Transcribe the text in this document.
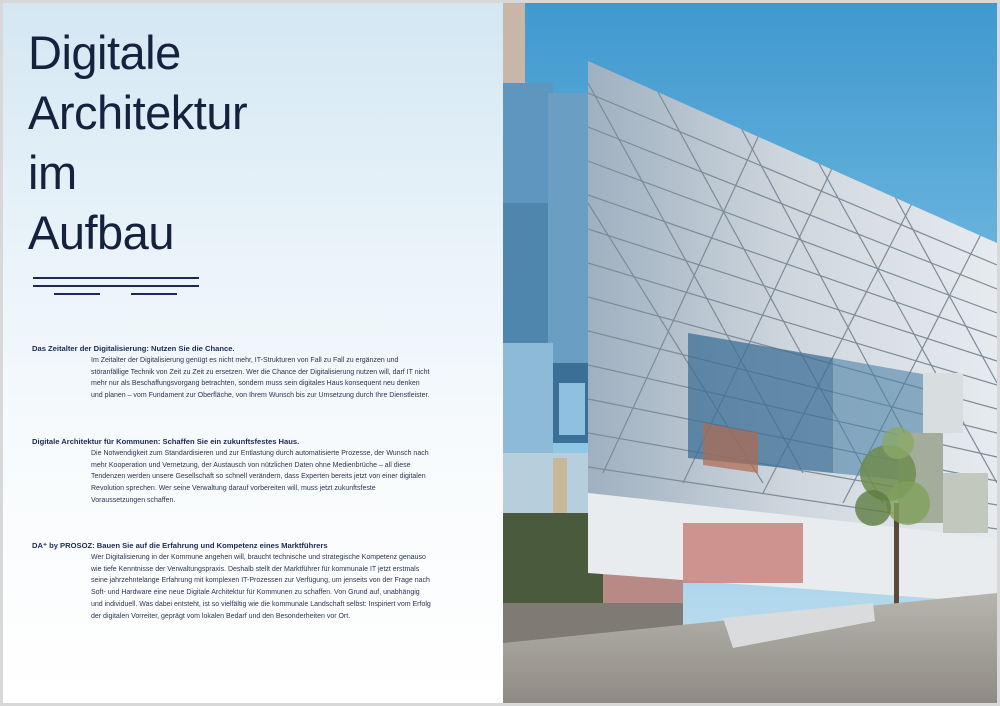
Digitale
Architektur
im
Aufbau
Das Zeitalter der Digitalisierung: Nutzen Sie die Chance.

Im Zeitalter der Digitalisierung genügt es nicht mehr, IT-Strukturen von Fall zu Fall zu ergänzen und störanfällige Technik von Zeit zu Zeit zu ersetzen. Wer die Chance der Digitalisierung nutzen will, darf IT nicht mehr nur als Beschaffungsvorgang betrachten, sondern muss sein digitales Haus konsequent neu denken und planen – vom Fundament zur Oberfläche, von Ihrem Wunsch bis zur Umsetzung durch Ihre Dienstleister.

Digitale Architektur für Kommunen: Schaffen Sie ein zukunftsfestes Haus.

Die Notwendigkeit zum Standardisieren und zur Entlastung durch automatisierte Prozesse, der Wunsch nach mehr Kooperation und Vernetzung, der Austausch von nützlichen Daten ohne Medienbrüche – all diese Tendenzen werden unsere Gesellschaft so schnell verändern, dass Experten bereits jetzt von einer digitalen Revolution sprechen. Wer seine Verwaltung darauf vorbereiten will, muss jetzt zukunftsfeste Voraussetzungen schaffen.

DA⁺ by PROSOZ: Bauen Sie auf die Erfahrung und Kompetenz eines Marktführers

Wer Digitalisierung in der Kommune angehen will, braucht technische und strategische Kompetenz genauso wie tiefe Kenntnisse der Verwaltungspraxis. Deshalb stellt der Marktführer für kommunale IT jetzt erstmals seine jahrzehntelange Erfahrung mit komplexen IT-Prozessen zur Verfügung, um jenseits von der Frage nach Soft- und Hardware eine neue Digitale Architektur für Kommunen zu schaffen. Von Grund auf, unabhängig und individuell. Was dabei entsteht, ist so vielfältig wie die kommunale Landschaft selbst: Inspiriert vom Erfolg der digitalen Vorreiter, geprägt vom lokalen Bedarf und den Besonderheiten vor Ort.
